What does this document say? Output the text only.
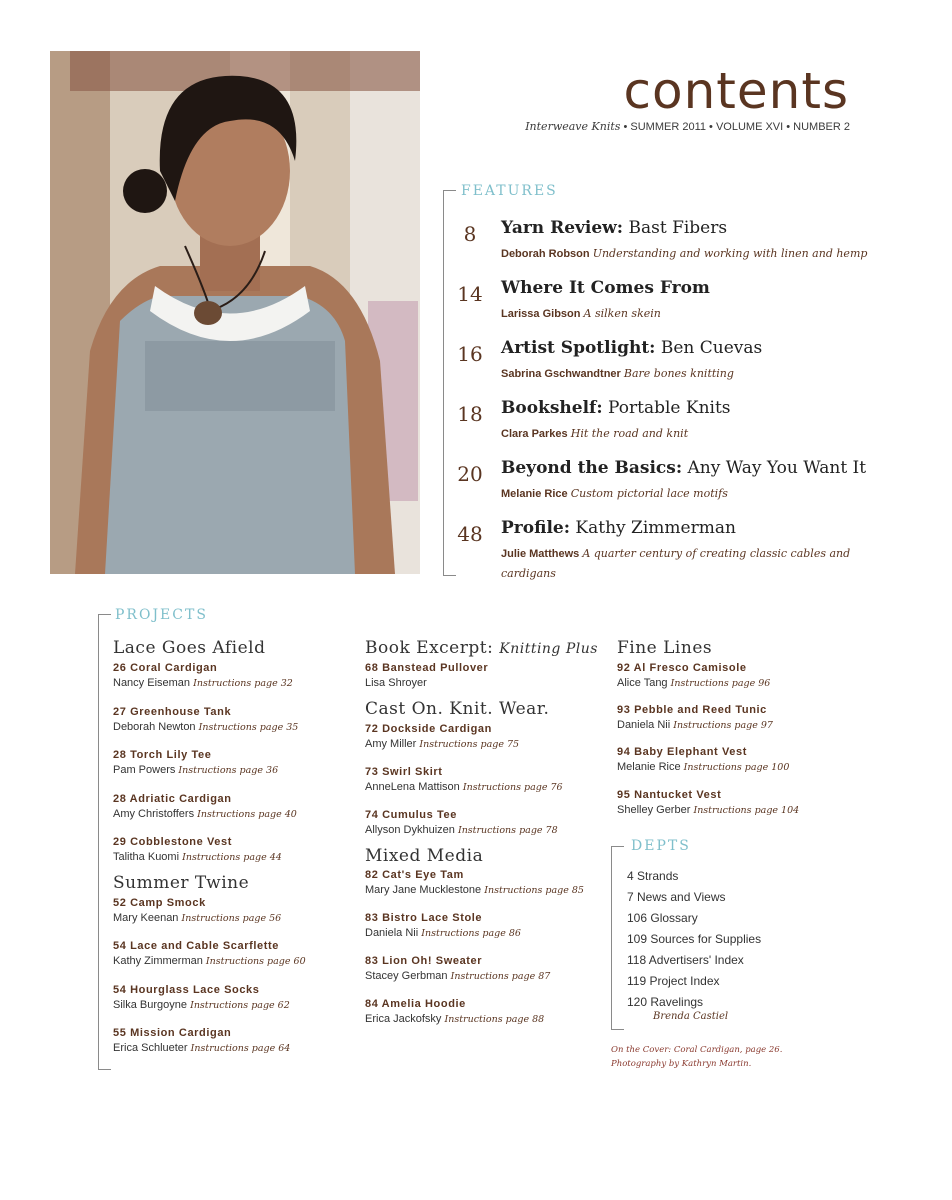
52
contents
Interweave Knits • SUMMER 2011 • VOLUME XVI • NUMBER 2
FEATURES
8	Yarn Review: Bast Fibers
Deborah Robson Understanding and working with linen and hemp
14 Where It Comes From
Larissa Gibson A silken skein
16 Artist Spotlight: Ben Cuevas
Sabrina Gschwandtner Bare bones knitting
18 Bookshelf: Portable Knits
Clara Parkes Hit the road and knit
20 Beyond the Basics: Any Way You Want It
Melanie Rice Custom pictorial lace motifs
48 Profile: Kathy Zimmerman
Julie Matthews A quarter century of creating classic cables and cardigans
PROJECTS
Lace Goes Afield
26 Coral Cardigan
Nancy Eiseman Instructions page 32
27 Greenhouse Tank
Deborah Newton Instructions page 35
28 Torch Lily Tee
Pam Powers Instructions page 36
28 Adriatic Cardigan
Amy Christoffers Instructions page 40
29 Cobblestone Vest
Talitha Kuomi Instructions page 44
Summer Twine
52 Camp Smock
Mary Keenan Instructions page 56
54 Lace and Cable Scarflette
Kathy Zimmerman Instructions page 60
54 Hourglass Lace Socks
Silka Burgoyne Instructions page 62
55 Mission Cardigan
Erica Schlueter Instructions page 64
Book Excerpt: Knitting Plus
68 Banstead Pullover
Lisa Shroyer
Cast On. Knit. Wear.
72 Dockside Cardigan
Amy Miller Instructions page 75
73 Swirl Skirt
AnneLena Mattison Instructions page 76
74 Cumulus Tee
Allyson Dykhuizen Instructions page 78
Mixed Media
82 Cat's Eye Tam
Mary Jane Mucklestone Instructions page 85
83 Bistro Lace Stole
Daniela Nii Instructions page 86
83 Lion Oh! Sweater
Stacey Gerbman Instructions page 87
84 Amelia Hoodie
Erica Jackofsky Instructions page 88
Fine Lines
92 Al Fresco Camisole
Alice Tang Instructions page 96
93 Pebble and Reed Tunic
Daniela Nii Instructions page 97
94 Baby Elephant Vest
Melanie Rice Instructions page 100
95 Nantucket Vest
Shelley Gerber Instructions page 104
DEPTS
4 Strands
7 News and Views
106 Glossary
109 Sources for Supplies
118 Advertisers' Index
119 Project Index
120 Ravelings
Brenda Castiel
On the Cover: Coral Cardigan, page 26.
Photography by Kathryn Martin.
